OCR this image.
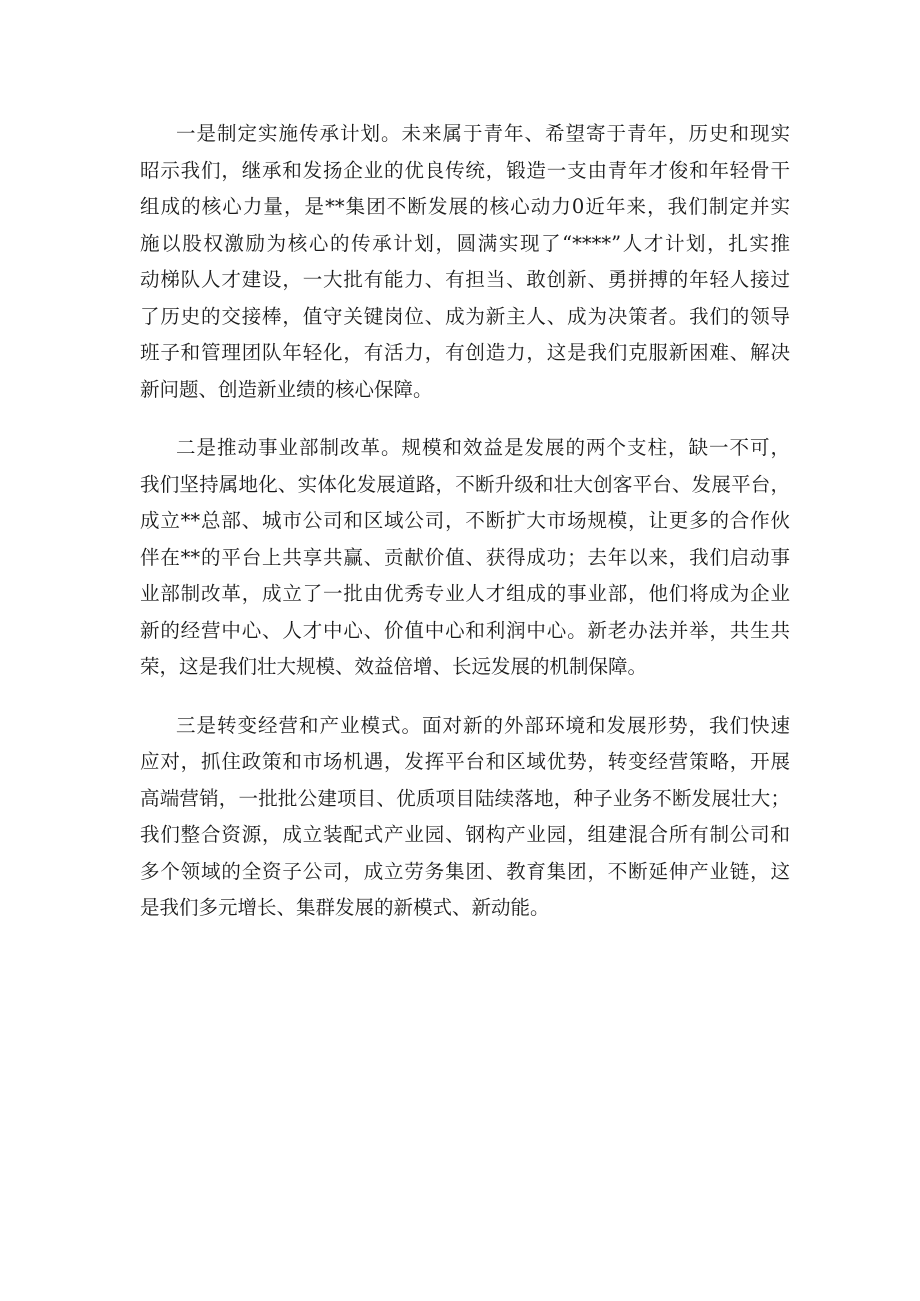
一是制定实施传承计划。未来属于青年、希望寄于青年，历史和现实
昭示我们，继承和发扬企业的优良传统，锻造一支由青年才俊和年轻骨干
组成的核心力量，是**集团不断发展的核心动力0近年来，我们制定并实
施以股权激励为核心的传承计划，圆满实现了“****”人才计划，扎实推
动梯队人才建设，一大批有能力、有担当、敢创新、勇拼搏的年轻人接过
了历史的交接棒，值守关键岗位、成为新主人、成为决策者。我们的领导
班子和管理团队年轻化，有活力，有创造力，这是我们克服新困难、解决
新问题、创造新业绩的核心保障。
二是推动事业部制改革。规模和效益是发展的两个支柱，缺一不可，
我们坚持属地化、实体化发展道路，不断升级和壮大创客平台、发展平台，
成立**总部、城市公司和区域公司，不断扩大市场规模，让更多的合作伙
伴在**的平台上共享共赢、贡献价值、获得成功；去年以来，我们启动事
业部制改革，成立了一批由优秀专业人才组成的事业部，他们将成为企业
新的经营中心、人才中心、价值中心和利润中心。新老办法并举，共生共
荣，这是我们壮大规模、效益倍增、长远发展的机制保障。
三是转变经营和产业模式。面对新的外部环境和发展形势，我们快速
应对，抓住政策和市场机遇，发挥平台和区域优势，转变经营策略，开展
高端营销，一批批公建项目、优质项目陆续落地，种子业务不断发展壮大；
我们整合资源，成立装配式产业园、钢构产业园，组建混合所有制公司和
多个领域的全资子公司，成立劳务集团、教育集团，不断延伸产业链，这
是我们多元增长、集群发展的新模式、新动能。
